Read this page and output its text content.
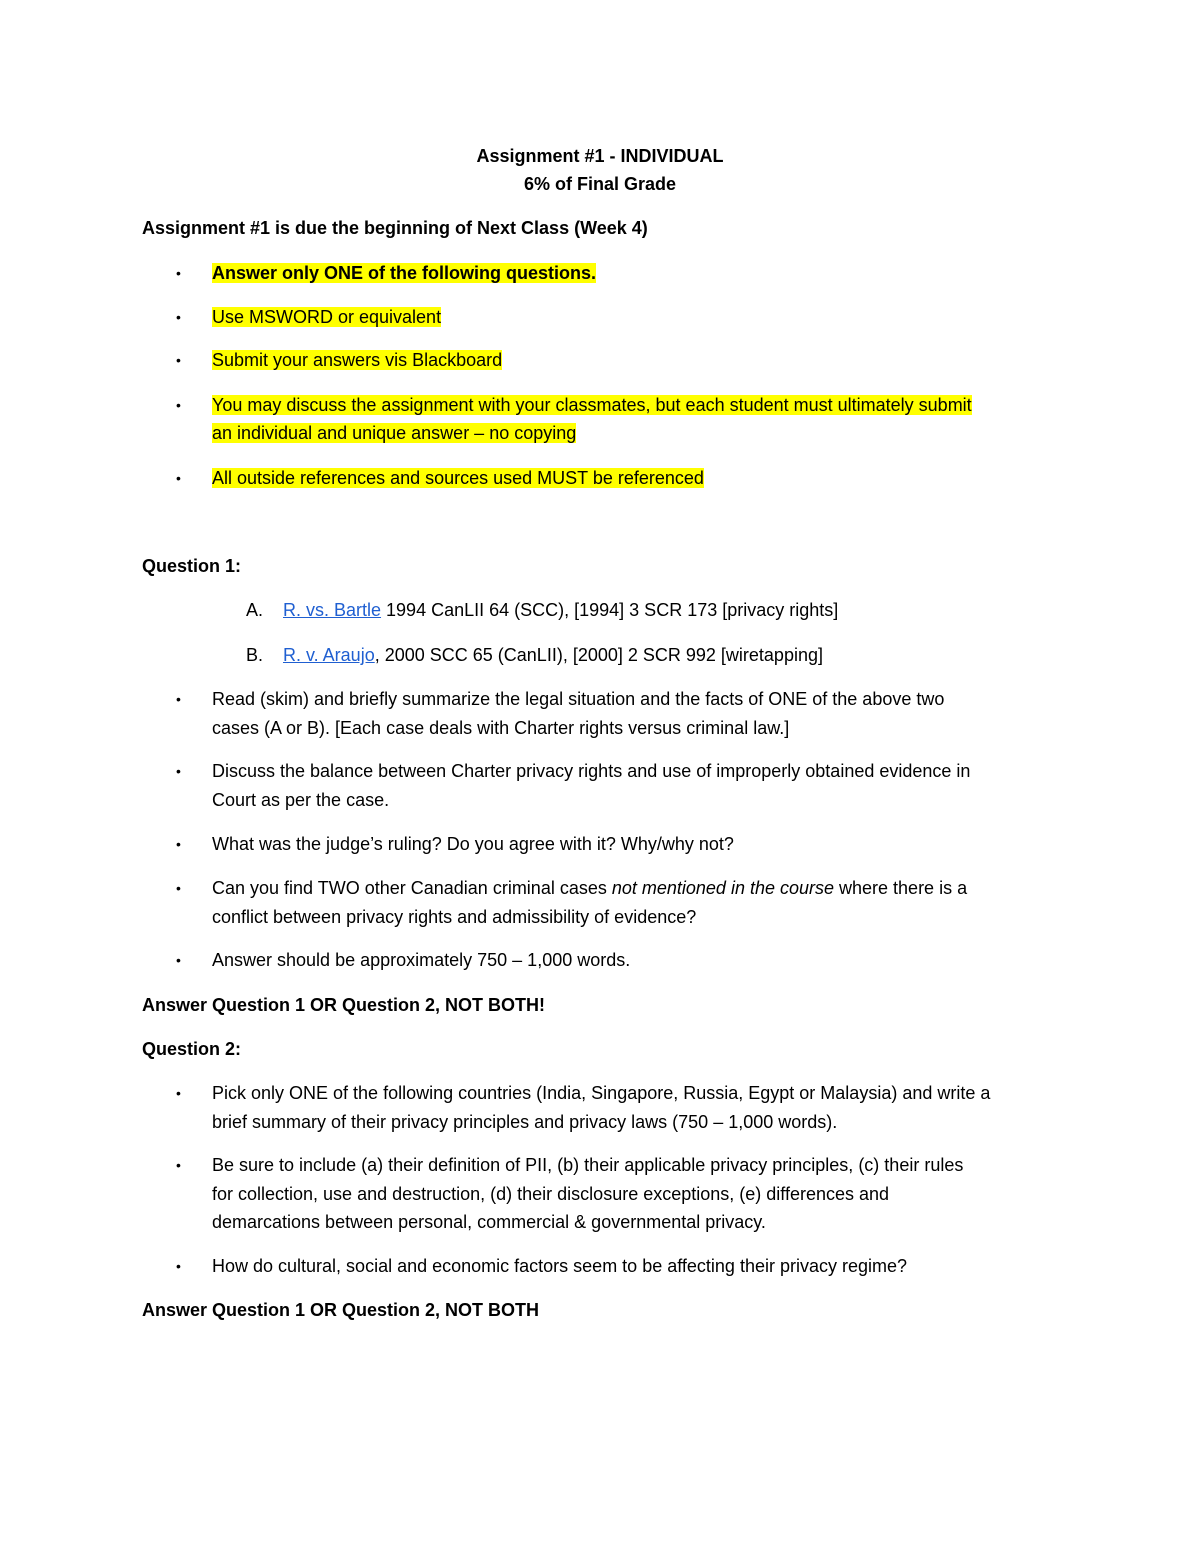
Assignment #1 - INDIVIDUAL
6% of Final Grade
Assignment #1 is due the beginning of Next Class (Week 4)
• Answer only ONE of the following questions.
• Use MSWORD or equivalent
• Submit your answers vis Blackboard
• You may discuss the assignment with your classmates, but each student must ultimately submit
an individual and unique answer – no copying
• All outside references and sources used MUST be referenced
Question 1:
A. R. vs. Bartle 1994 CanLII 64 (SCC), [1994] 3 SCR 173 [privacy rights]
B. R. v. Araujo, 2000 SCC 65 (CanLII), [2000] 2 SCR 992 [wiretapping]
• Read (skim) and briefly summarize the legal situation and the facts of ONE of the above two
cases (A or B). [Each case deals with Charter rights versus criminal law.]
• Discuss the balance between Charter privacy rights and use of improperly obtained evidence in
Court as per the case.
• What was the judge’s ruling? Do you agree with it? Why/why not?
• Can you find TWO other Canadian criminal cases not mentioned in the course where there is a
conflict between privacy rights and admissibility of evidence?
• Answer should be approximately 750 – 1,000 words.
Answer Question 1 OR Question 2, NOT BOTH!
Question 2:
• Pick only ONE of the following countries (India, Singapore, Russia, Egypt or Malaysia) and write a
brief summary of their privacy principles and privacy laws (750 – 1,000 words).
• Be sure to include (a) their definition of PII, (b) their applicable privacy principles, (c) their rules
for collection, use and destruction, (d) their disclosure exceptions, (e) differences and
demarcations between personal, commercial & governmental privacy.
• How do cultural, social and economic factors seem to be affecting their privacy regime?
Answer Question 1 OR Question 2, NOT BOTH
